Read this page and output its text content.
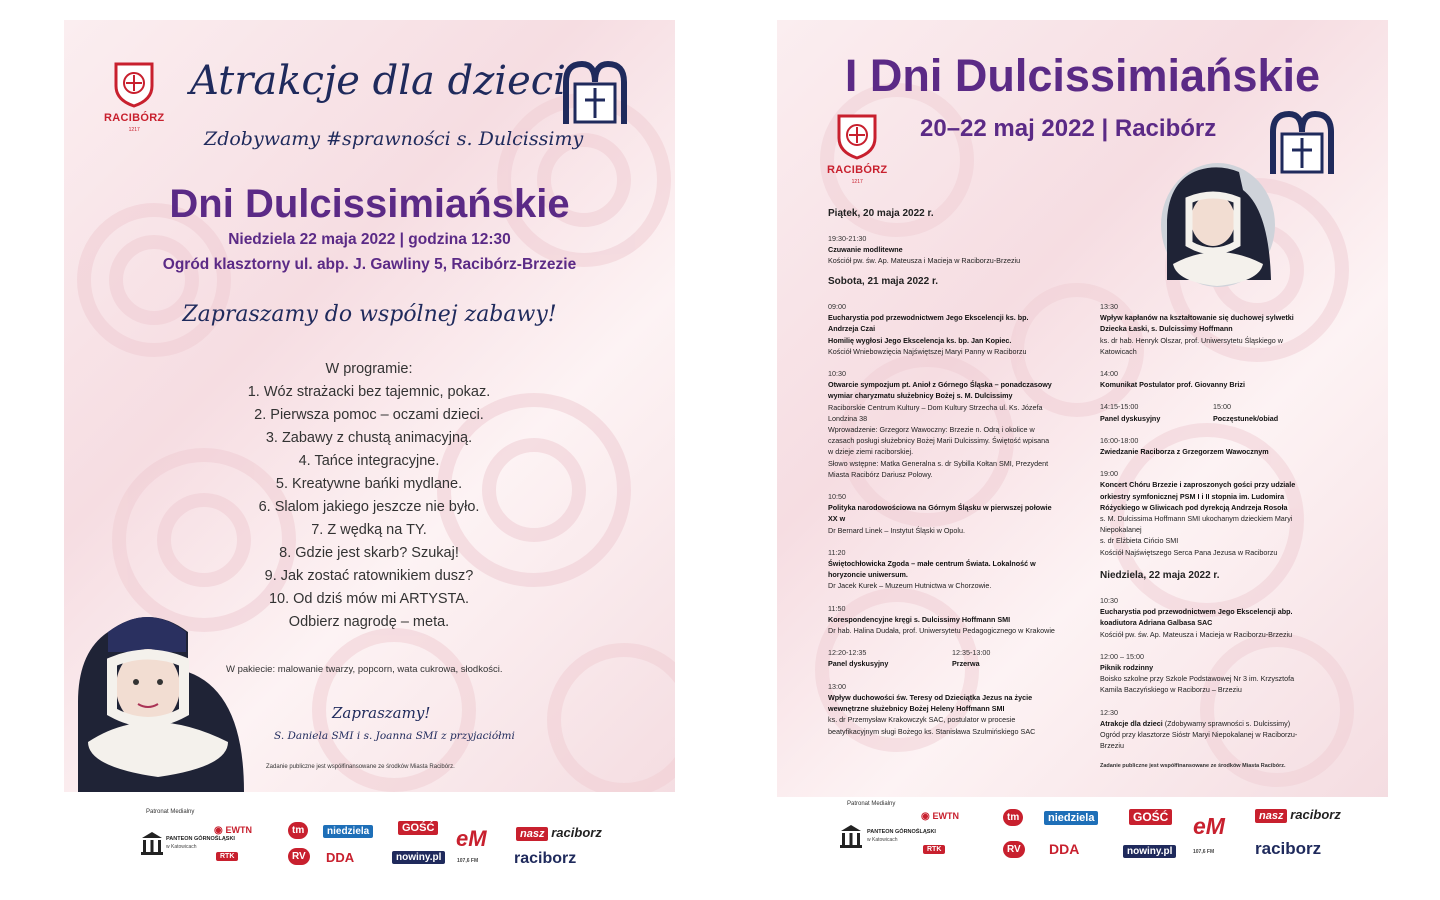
RACIBÓRZ
1217
Atrakcje dla dzieci
Zdobywamy #sprawności s. Dulcissimy
Dni Dulcissimiańskie
Niedziela 22 maja 2022 | godzina 12:30
Ogród klasztorny ul. abp. J. Gawliny 5, Racibórz-Brzezie
Zapraszamy do wspólnej zabawy!
W programie:
1. Wóz strażacki bez tajemnic, pokaz.
2. Pierwsza pomoc – oczami dzieci.
3. Zabawy z chustą animacyjną.
4. Tańce integracyjne.
5. Kreatywne bańki mydlane.
6. Slalom jakiego jeszcze nie było.
7. Z wędką na TY.
8. Gdzie jest skarb? Szukaj!
9. Jak zostać ratownikiem dusz?
10. Od dziś mów mi ARTYSTA.
Odbierz nagrodę – meta.
W pakiecie: malowanie twarzy, popcorn, wata cukrowa, słodkości.
Zapraszamy!
S. Daniela SMI i s. Joanna SMI z przyjaciółmi
Zadanie publiczne jest współfinansowane ze środków Miasta Racibórz.
Patronat Medialny
PANTEON GÓRNOŚLĄSKI
w Katowicach
◉ EWTN
RTK
tm
RV
niedziela
DDA
GOŚĆ
nowiny.pl
eM
107,6 FM
nasz raciborz
raciborz
I Dni Dulcissimiańskie
20–22 maj 2022 | Racibórz
RACIBÓRZ
1217
Piątek, 20 maja 2022 r.
19:30-21:30
Czuwanie modlitewne
Kościół pw. św. Ap. Mateusza i Macieja w Raciborzu-Brzeziu
Sobota, 21 maja 2022 r.
09:00
Eucharystia pod przewodnictwem Jego Ekscelencji ks. bp. Andrzeja Czai
Homilię wygłosi Jego Ekscelencja ks. bp. Jan Kopiec.
Kościół Wniebowzięcia Najświętszej Maryi Panny w Raciborzu
10:30
Otwarcie sympozjum pt. Anioł z Górnego Śląska – ponadczasowy wymiar charyzmatu służebnicy Bożej s. M. Dulcissimy
Raciborskie Centrum Kultury – Dom Kultury Strzecha ul. Ks. Józefa Londzina 38
Wprowadzenie: Grzegorz Wawoczny: Brzezie n. Odrą i okolice w czasach posługi służebnicy Bożej Marii Dulcissimy. Świętość wpisana w dzieje ziemi raciborskiej.
Słowo wstępne: Matka Generalna s. dr Sybilla Kołtan SMI, Prezydent Miasta Racibórz Dariusz Polowy.
10:50
Polityka narodowościowa na Górnym Śląsku w pierwszej połowie XX w
Dr Bernard Linek – Instytut Śląski w Opolu.
11:20
Świętochłowicka Zgoda – małe centrum Świata. Lokalność w horyzoncie uniwersum.
Dr Jacek Kurek – Muzeum Hutnictwa w Chorzowie.
11:50
Korespondencyjne kręgi s. Dulcissimy Hoffmann SMI
Dr hab. Halina Dudała, prof. Uniwersytetu Pedagogicznego w Krakowie
12:20-12:35
Panel dyskusyjny
12:35-13:00
Przerwa
13:00
Wpływ duchowości św. Teresy od Dzieciątka Jezus na życie wewnętrzne służebnicy Bożej Heleny Hoffmann SMI
ks. dr Przemysław Krakowczyk SAC, postulator w procesie beatyfikacyjnym sługi Bożego ks. Stanisława Szulmińskiego SAC
13:30
Wpływ kapłanów na kształtowanie się duchowej sylwetki Dziecka Łaski, s. Dulcissimy Hoffmann
ks. dr hab. Henryk Olszar, prof. Uniwersytetu Śląskiego w Katowicach
14:00
Komunikat Postulator prof. Giovanny Brizi
14:15-15:00
Panel dyskusyjny
15:00
Poczęstunek/obiad
16:00-18:00
Zwiedzanie Raciborza z Grzegorzem Wawocznym
19:00
Koncert Chóru Brzezie i zaproszonych gości przy udziale orkiestry symfonicznej PSM I i II stopnia im. Ludomira Różyckiego w Gliwicach pod dyrekcją Andrzeja Rosoła
s. M. Dulcissima Hoffmann SMI ukochanym dzieckiem Maryi Niepokalanej
s. dr Elżbieta Cińcio SMI
Kościół Najświętszego Serca Pana Jezusa w Raciborzu
Niedziela, 22 maja 2022 r.
10:30
Eucharystia pod przewodnictwem Jego Ekscelencji abp. koadiutora Adriana Galbasa SAC
Kościół pw. św. Ap. Mateusza i Macieja w Raciborzu-Brzeziu
12:00 – 15:00
Piknik rodzinny
Boisko szkolne przy Szkole Podstawowej Nr 3 im. Krzysztofa Kamila Baczyńskiego w Raciborzu – Brzeziu
12:30
Atrakcje dla dzieci (Zdobywamy sprawności s. Dulcissimy)
Ogród przy klasztorze Sióstr Maryi Niepokalanej w Raciborzu-Brzeziu
Zadanie publiczne jest współfinansowane ze środków Miasta Racibórz.
Patronat Medialny
PANTEON GÓRNOŚLĄSKI
w Katowicach
◉ EWTN
RTK
tm
RV
niedziela
DDA
GOŚĆ
nowiny.pl
eM
107,6 FM
nasz raciborz
raciborz
